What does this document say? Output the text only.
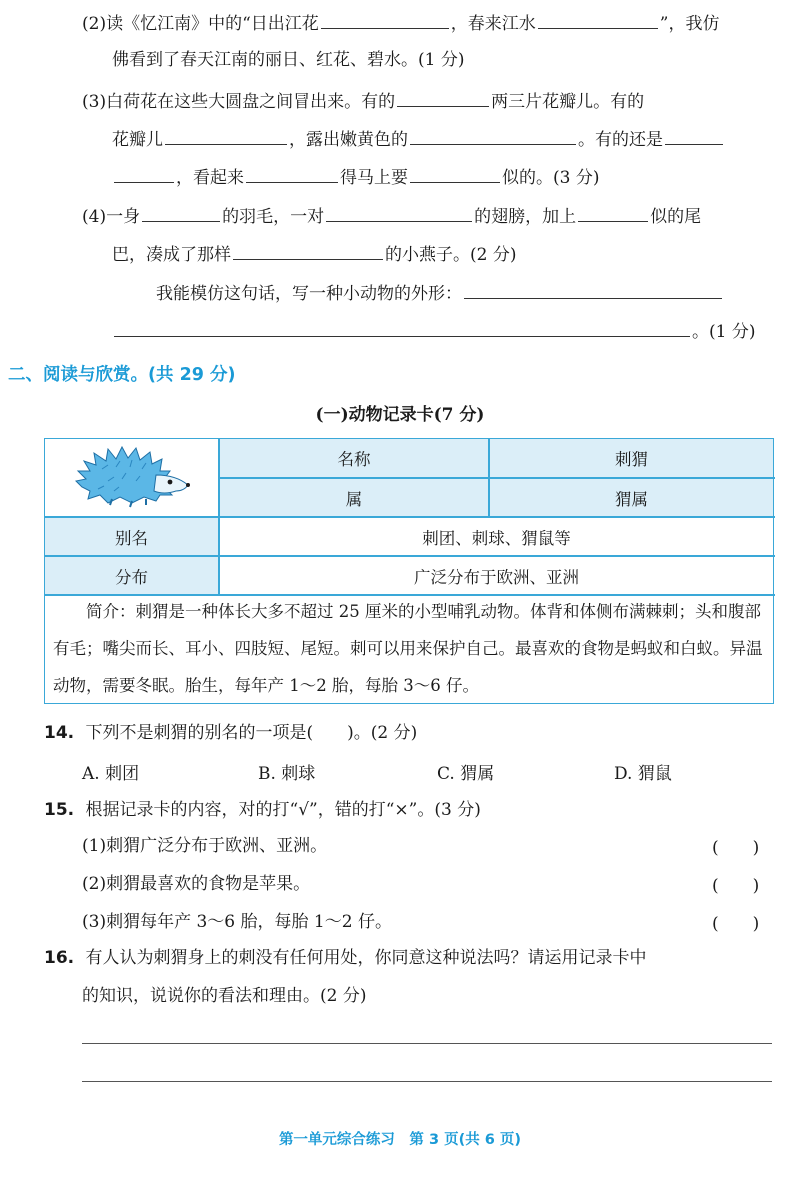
(2)读《忆江南》中的“日出江花	，春来江水	”，我仿
佛看到了春天江南的丽日、红花、碧水。(1 分)
(3)白荷花在这些大圆盘之间冒出来。有的	两三片花瓣儿。有的
花瓣儿	，露出嫩黄色的	。有的还是
，看起来	得马上要	似的。(3 分)
(4)一身	的羽毛，一对	的翅膀，加上	似的尾
巴，凑成了那样	的小燕子。(2 分)
我能模仿这句话，写一种小动物的外形：
。(1 分)
二、阅读与欣赏。(共 29 分)
(一)动物记录卡(7 分)
名称	刺猬
属	猬属
别名	刺团、刺球、猬鼠等
分布	广泛分布于欧洲、亚洲
简介：刺猬是一种体长大多不超过 25 厘米的小型哺乳动物。体背和体侧布满棘刺；头和腹部有毛；嘴尖而长、耳小、四肢短、尾短。刺可以用来保护自己。最喜欢的食物是蚂蚁和白蚁。异温动物，需要冬眠。胎生，每年产 1～2 胎，每胎 3～6 仔。
14. 下列不是刺猬的别名的一项是(　　)。(2 分)
A. 刺团	B. 刺球	C. 猬属	D. 猬鼠
15. 根据记录卡的内容，对的打“√”，错的打“×”。(3 分)
(1)刺猬广泛分布于欧洲、亚洲。	(　　)
(2)刺猬最喜欢的食物是苹果。	(　　)
(3)刺猬每年产 3～6 胎，每胎 1～2 仔。	(　　)
16. 有人认为刺猬身上的刺没有任何用处，你同意这种说法吗？请运用记录卡中
的知识，说说你的看法和理由。(2 分)
第一单元综合练习　第 3 页(共 6 页)
